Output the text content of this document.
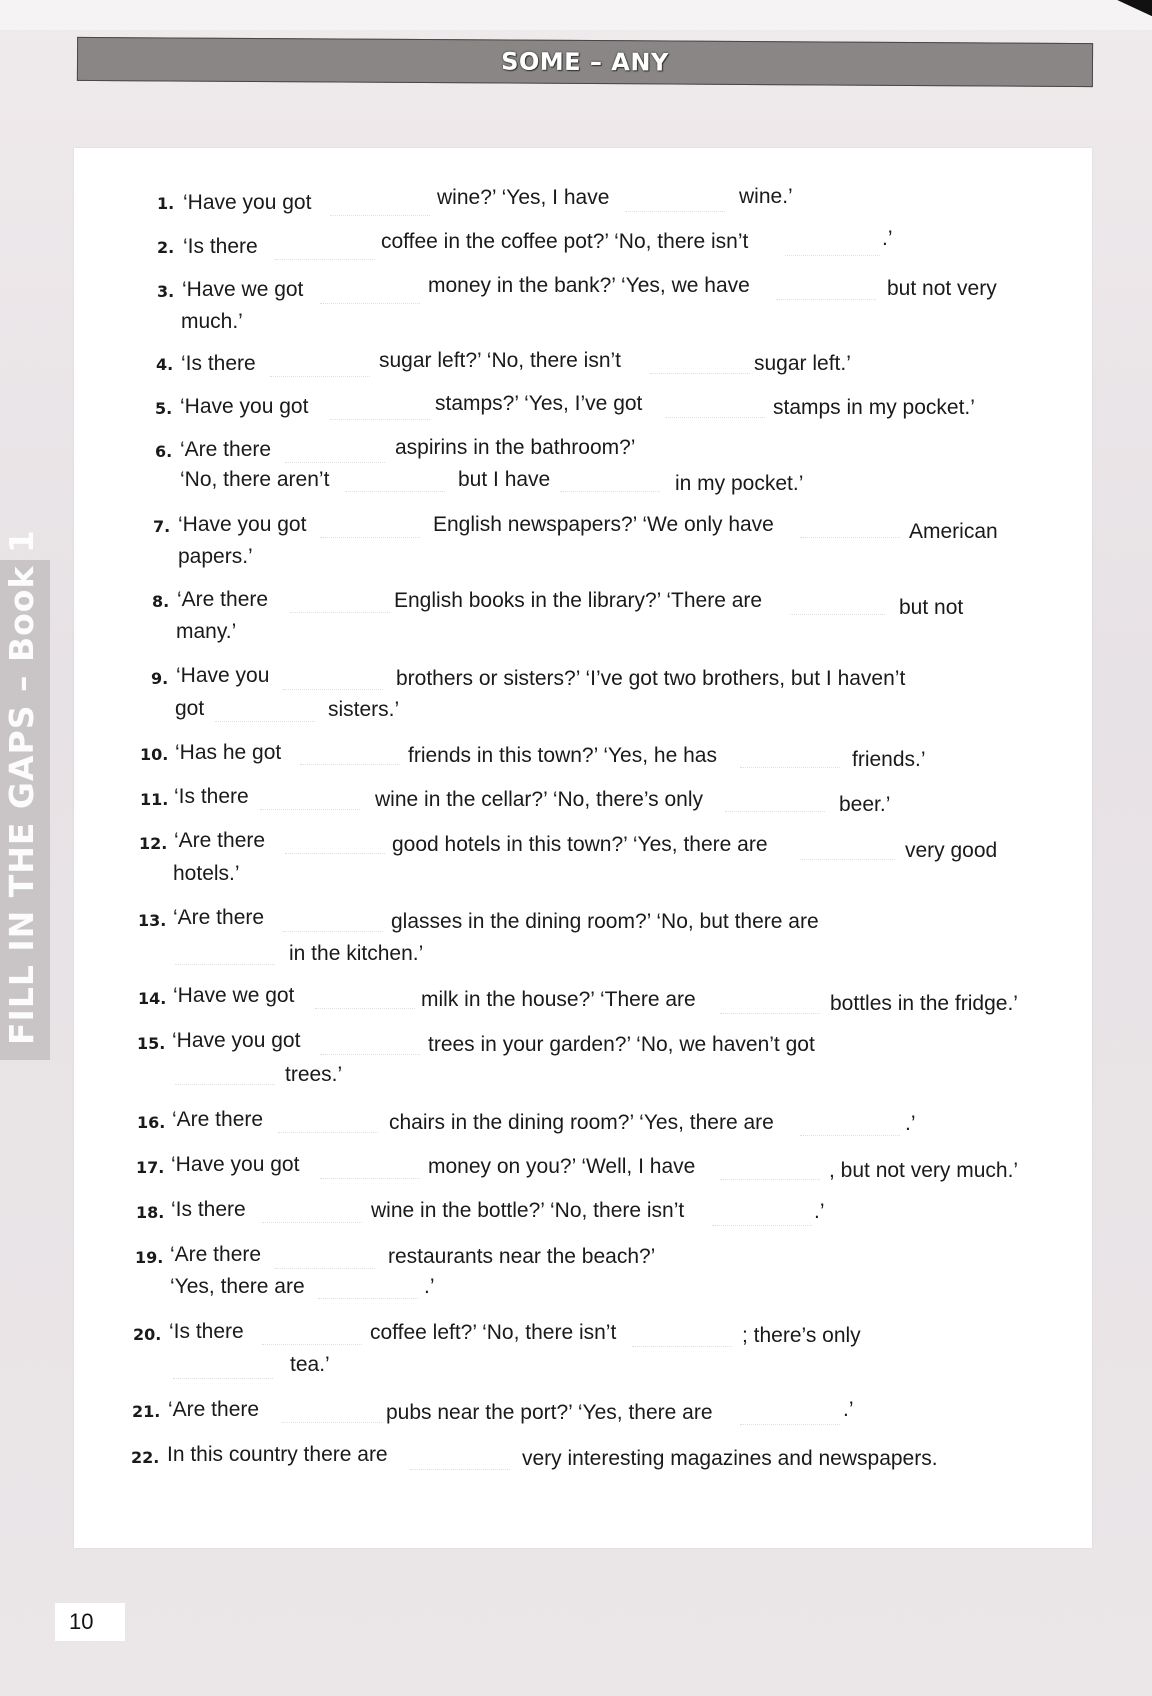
SOME – ANY
FILL IN THE GAPS – Book 1
1. ‘Have you got	wine?’ ‘Yes, I have	wine.’
2. ‘Is there	coffee in the coffee pot?’ ‘No, there isn’t	.’
3. ‘Have we got	money in the bank?’ ‘Yes, we have	but not very
much.’
4. ‘Is there	sugar left?’ ‘No, there isn’t	sugar left.’
5. ‘Have you got	stamps?’ ‘Yes, I’ve got	stamps in my pocket.’
6. ‘Are there	aspirins in the bathroom?’
‘No, there aren’t	but I have	in my pocket.’
7. ‘Have you got	English newspapers?’ ‘We only have	American
papers.’
8. ‘Are there	English books in the library?’ ‘There are	but not
many.’
9. ‘Have you	brothers or sisters?’ ‘I’ve got two brothers, but I haven’t
got	sisters.’
10. ‘Has he got	friends in this town?’ ‘Yes, he has	friends.’
11. ‘Is there	wine in the cellar?’ ‘No, there’s only	beer.’
12. ‘Are there	good hotels in this town?’ ‘Yes, there are	very good
hotels.’
13. ‘Are there	glasses in the dining room?’ ‘No, but there are
in the kitchen.’
14. ‘Have we got	milk in the house?’ ‘There are	bottles in the fridge.’
15. ‘Have you got	trees in your garden?’ ‘No, we haven’t got
trees.’
16. ‘Are there	chairs in the dining room?’ ‘Yes, there are	.’
17. ‘Have you got	money on you?’ ‘Well, I have	, but not very much.’
18. ‘Is there	wine in the bottle?’ ‘No, there isn’t	.’
19. ‘Are there	restaurants near the beach?’
‘Yes, there are	.’
20. ‘Is there	coffee left?’ ‘No, there isn’t	; there’s only
tea.’
21. ‘Are there	pubs near the port?’ ‘Yes, there are	.’
22. In this country there are	very interesting magazines and newspapers.
10
